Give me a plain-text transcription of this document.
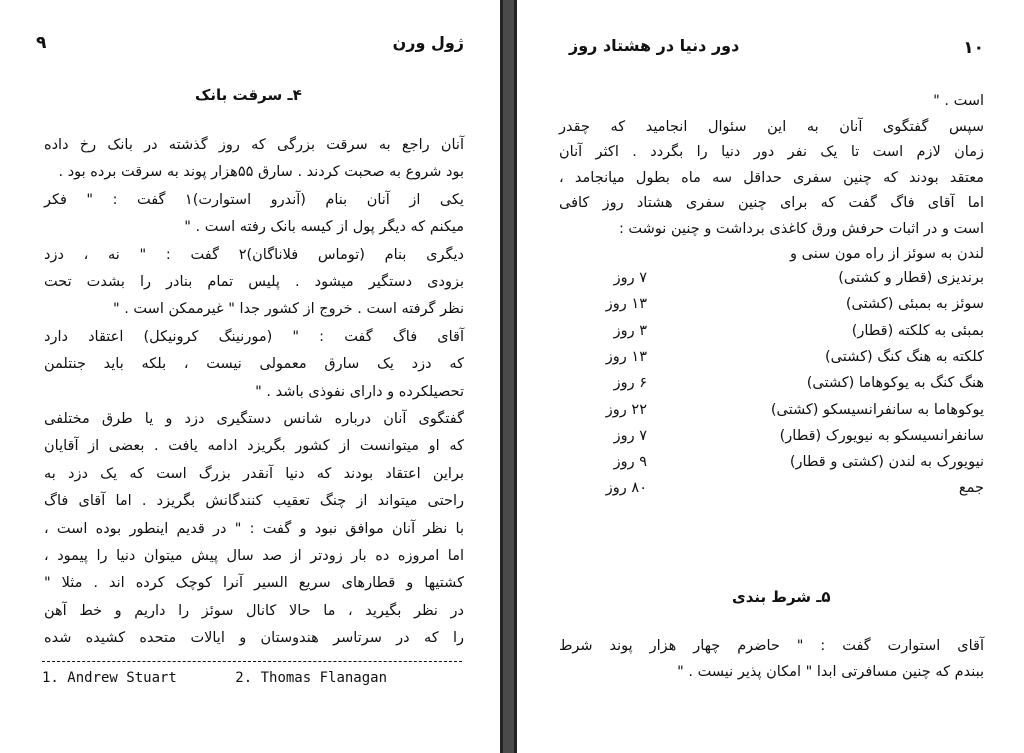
۹	ژول ورن
۴ـ سرقت بانک
آنان راجع به سرقت بزرگی که روز گذشته در بانک رخ داده
بود شروع به صحبت کردند . سارق ۵۵هزار پوند به سرقت برده بود .
یکی از آنان بنام (آندرو استوارت)۱ گفت : " فکر
میکنم که دیگر پول از کیسه بانک رفته است . "
دیگری بنام (توماس فلاناگان)۲ گفت : " نه ، دزد
بزودی دستگیر میشود . پلیس تمام بنادر را بشدت تحت
نظر گرفته است . خروج از کشور جدا " غیرممکن است . "
آقای فاگ گفت : " (مورنینگ کرونیکل) اعتقاد دارد
که دزد یک سارق معمولی نیست ، بلکه باید جنتلمن
تحصیلکرده و دارای نفوذی باشد . "
گفتگوی آنان درباره شانس دستگیری دزد و یا طرق مختلفی
که او میتوانست از کشور بگریزد ادامه یافت . بعضی از آقایان
براین اعتقاد بودند که دنیا آنقدر بزرگ است که یک دزد به
راحتی میتواند از چنگ تعقیب کنندگانش بگریزد . اما آقای فاگ
با نظر آنان موافق نبود و گفت : " در قدیم اینطور بوده است ،
اما امروزه ده بار زودتر از صد سال پیش میتوان دنیا را پیمود ،
کشتیها و قطارهای سریع السیر آنرا کوچک کرده اند . مثلا "
در نظر بگیرید ، ما حالا کانال سوئز را داریم و خط آهن
را که در سرتاسر هندوستان و ایالات متحده کشیده شده
1. Andrew Stuart	2. Thomas Flanagan
۱۰
دور دنیا در هشتاد روز
است . "
سپس گفتگوی آنان به این سئوال انجامید که چقدر
زمان لازم است تا یک نفر دور دنیا را بگردد . اکثر آنان
معتقد بودند که چنین سفری حداقل سه ماه بطول میانجامد ،
اما آقای فاگ گفت که برای چنین سفری هشتاد روز کافی
است و در اثبات حرفش ورق کاغذی برداشت و چنین نوشت :
لندن به سوئز از راه مون سنی و
برندیزی (قطار و کشتی)
۷ روز
سوئز به بمبئی (کشتی)
۱۳ روز
بمبئی به کلکته (قطار)
۳ روز
کلکته به هنگ کنگ (کشتی)
۱۳ روز
هنگ کنگ به یوکوهاما (کشتی)
۶ روز
یوکوهاما به سانفرانسیسکو (کشتی)
۲۲ روز
سانفرانسیسکو به نیویورک (قطار)
۷ روز
نیویورک به لندن (کشتی و قطار)
۹ روز
جمع
۸۰ روز
۵ـ شرط بندی
آقای استوارت گفت : " حاضرم چهار هزار پوند شرط
ببندم که چنین مسافرتی ابدا " امکان پذیر نیست . "
